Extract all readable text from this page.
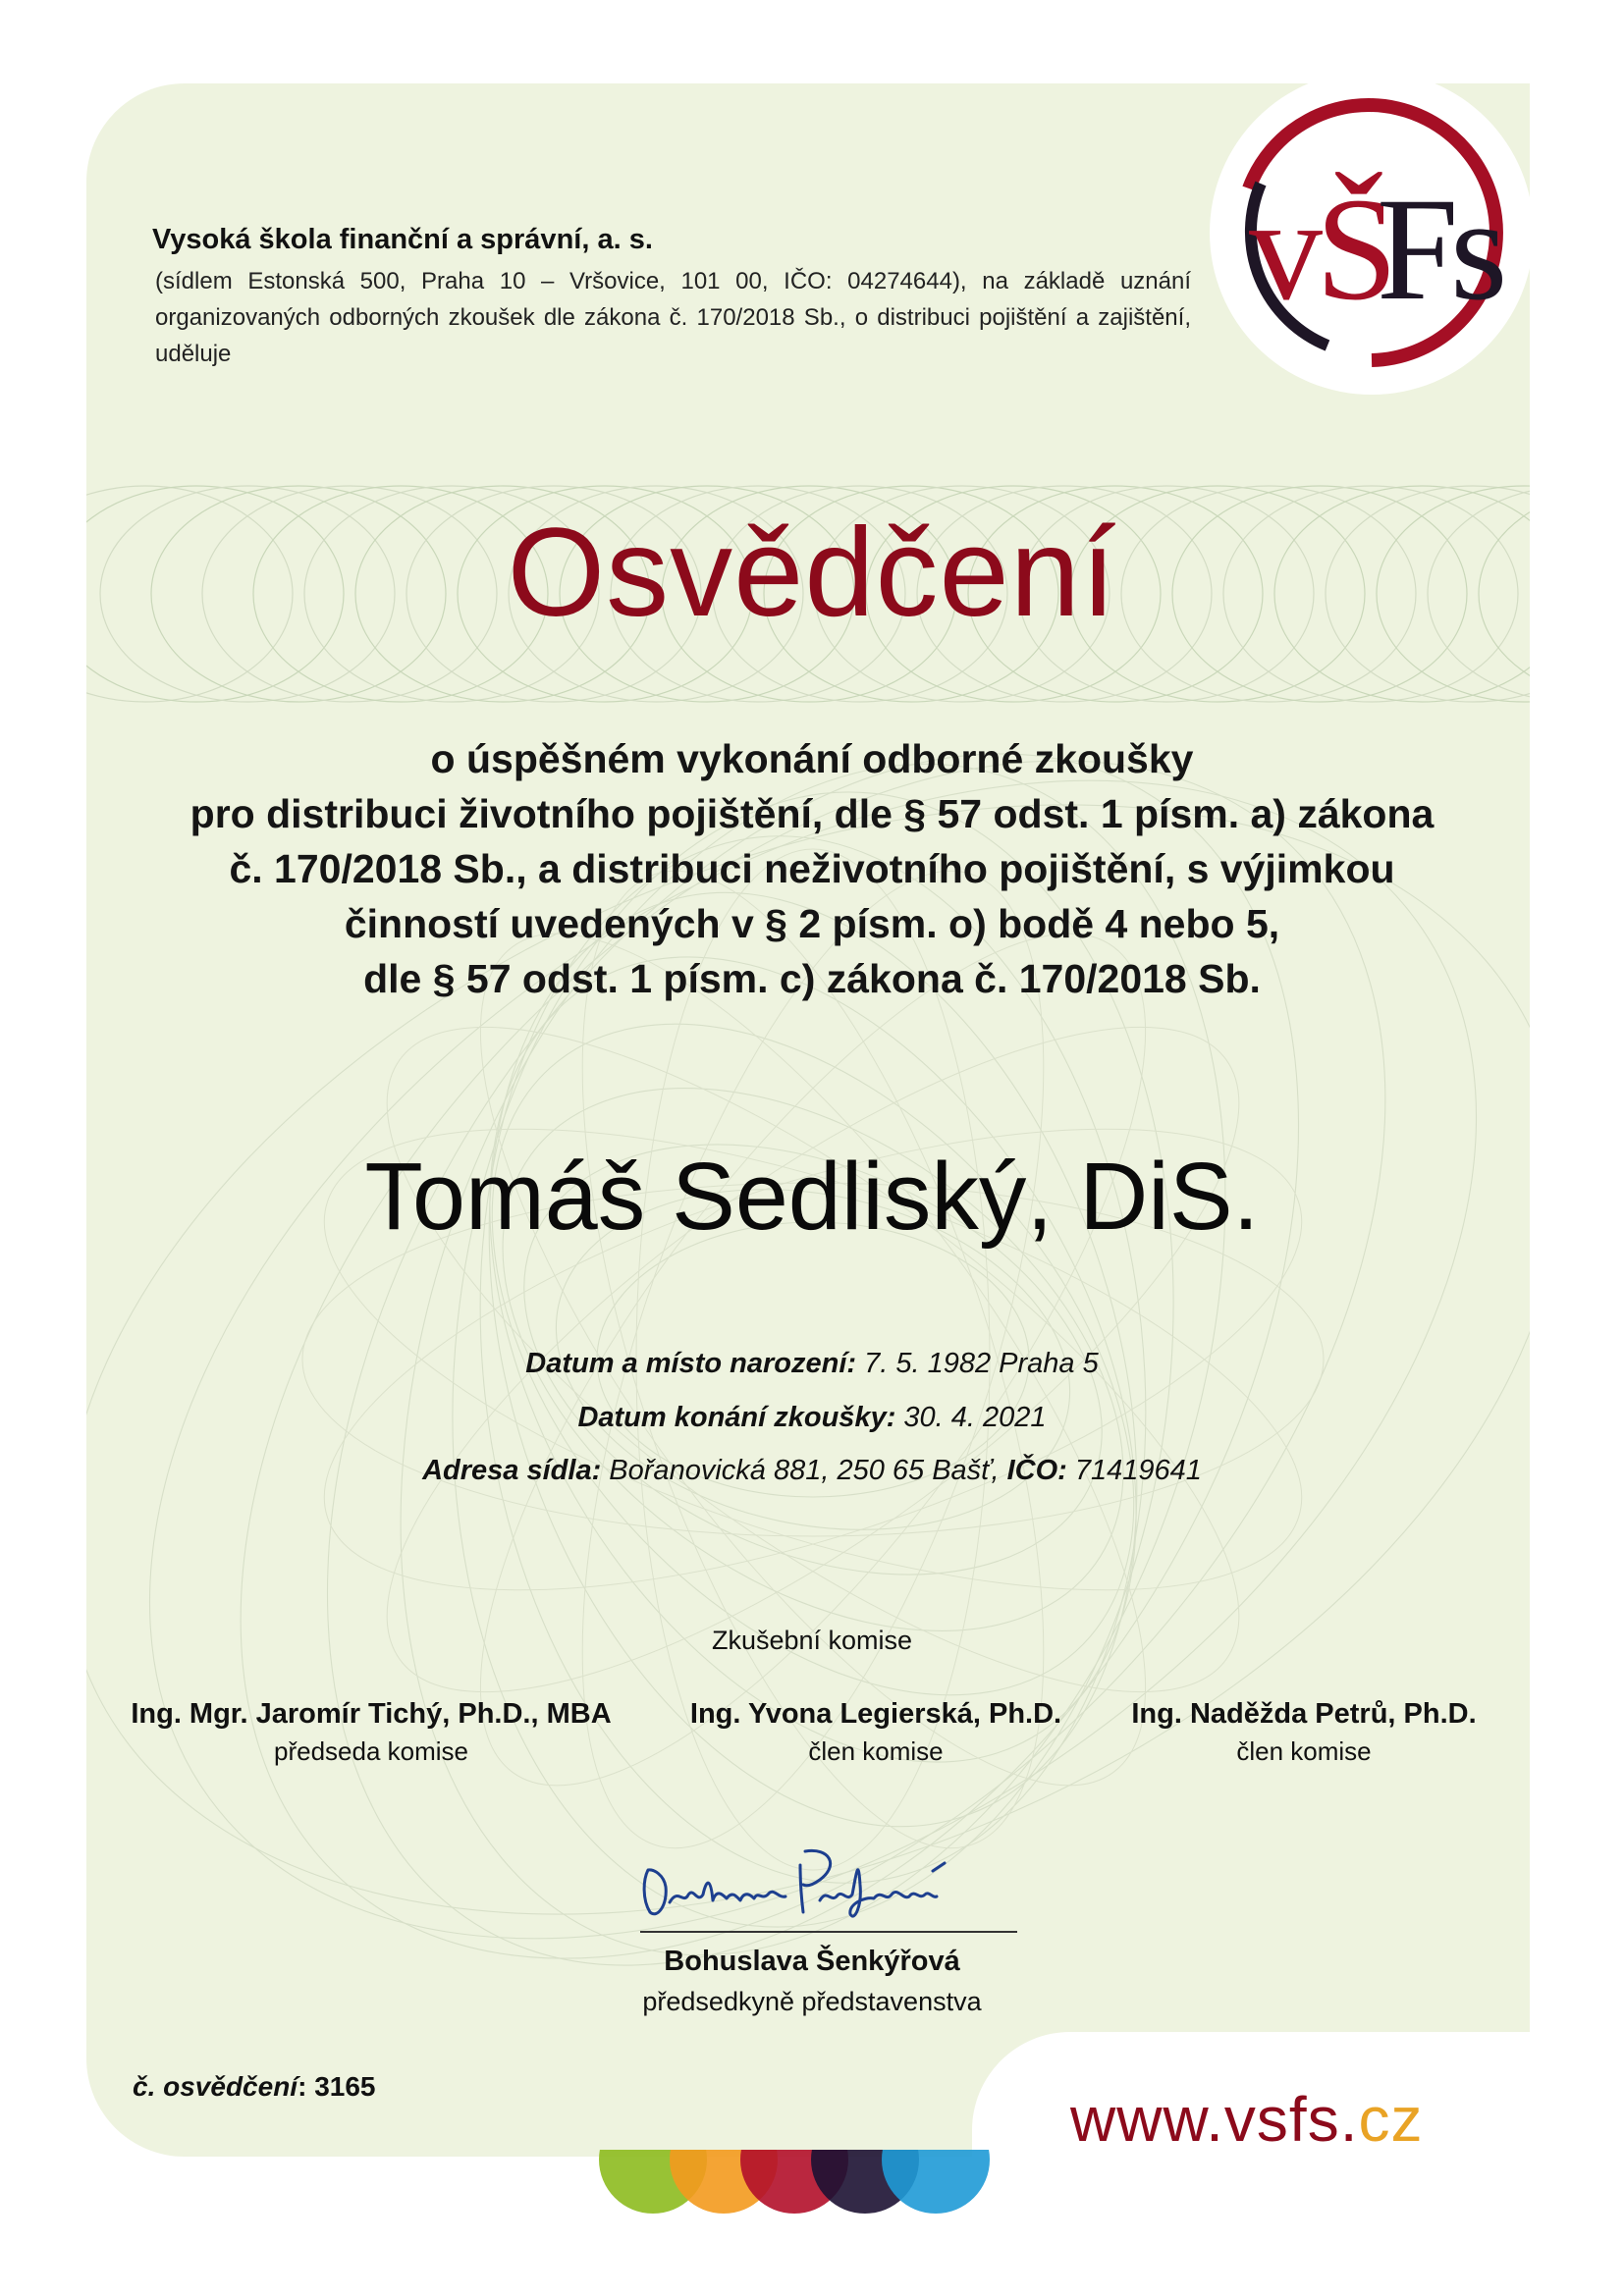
v
Š
F
s
Vysoká škola finanční a správní, a. s.
(sídlem Estonská 500, Praha 10 – Vršovice, 101 00, IČO: 04274644), na základě uznání organizovaných odborných zkoušek dle zákona č. 170/2018 Sb., o distribuci pojištění a zajištění, uděluje
Osvědčení
o úspěšném vykonání odborné zkoušky
pro distribuci životního pojištění, dle § 57 odst. 1 písm. a) zákona
č. 170/2018 Sb., a distribuci neživotního pojištění, s výjimkou
činností uvedených v § 2 písm. o) bodě 4 nebo 5,
dle § 57 odst. 1 písm. c) zákona č. 170/2018 Sb.
Tomáš Sedliský, DiS.
Datum a místo narození: 7. 5. 1982 Praha 5
Datum konání zkoušky: 30. 4. 2021
Adresa sídla: Bořanovická 881, 250 65 Bašť, IČO: 71419641
Zkušební komise
Ing. Mgr. Jaromír Tichý, Ph.D., MBA
předseda komise
Ing. Yvona Legierská, Ph.D.
člen komise
Ing. Naděžda Petrů, Ph.D.
člen komise
Bohuslava Šenkýřová
předsedkyně představenstva
č. osvědčení: 3165	www.vsfs.cz
